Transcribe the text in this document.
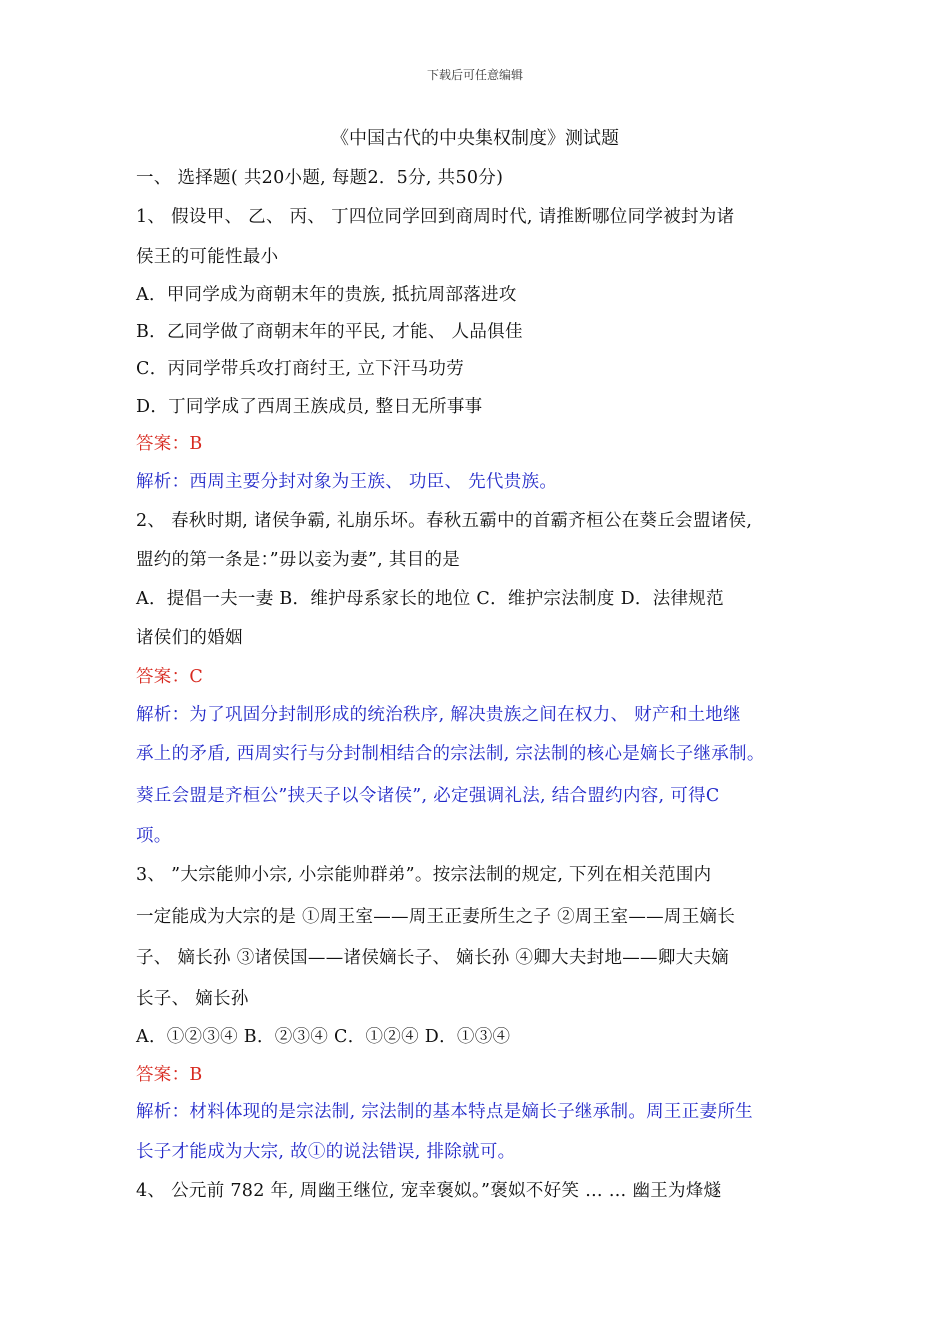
下载后可任意编辑
《中国古代的中央集权制度》测试题
一、 选择题( 共20小题, 每题2．5分, 共50分)
1、 假设甲、 乙、 丙、 丁四位同学回到商周时代, 请推断哪位同学被封为诸
侯王的可能性最小
A．甲同学成为商朝末年的贵族, 抵抗周部落进攻
B．乙同学做了商朝末年的平民, 才能、 人品俱佳
C．丙同学带兵攻打商纣王, 立下汗马功劳
D．丁同学成了西周王族成员, 整日无所事事
答案：B
解析：西周主要分封对象为王族、 功臣、 先代贵族。
2、 春秋时期, 诸侯争霸, 礼崩乐坏。春秋五霸中的首霸齐桓公在葵丘会盟诸侯,
盟约的第一条是：”毋以妾为妻”, 其目的是
A．提倡一夫一妻 B．维护母系家长的地位 C．维护宗法制度 D．法律规范
诸侯们的婚姻
答案：C
解析：为了巩固分封制形成的统治秩序, 解决贵族之间在权力、 财产和土地继
承上的矛盾, 西周实行与分封制相结合的宗法制, 宗法制的核心是嫡长子继承制。
葵丘会盟是齐桓公”挟天子以令诸侯”, 必定强调礼法, 结合盟约内容, 可得C
项。
3、 ”大宗能帅小宗, 小宗能帅群弟”。按宗法制的规定, 下列在相关范围内
一定能成为大宗的是 ①周王室——周王正妻所生之子 ②周王室——周王嫡长
子、 嫡长孙 ③诸侯国——诸侯嫡长子、 嫡长孙 ④卿大夫封地——卿大夫嫡
长子、 嫡长孙
A．①②③④ B．②③④ C．①②④ D．①③④
答案：B
解析：材料体现的是宗法制, 宗法制的基本特点是嫡长子继承制。周王正妻所生
长子才能成为大宗, 故①的说法错误, 排除就可。
4、 公元前 782 年, 周幽王继位, 宠幸褒姒。”褒姒不好笑 … … 幽王为烽燧
